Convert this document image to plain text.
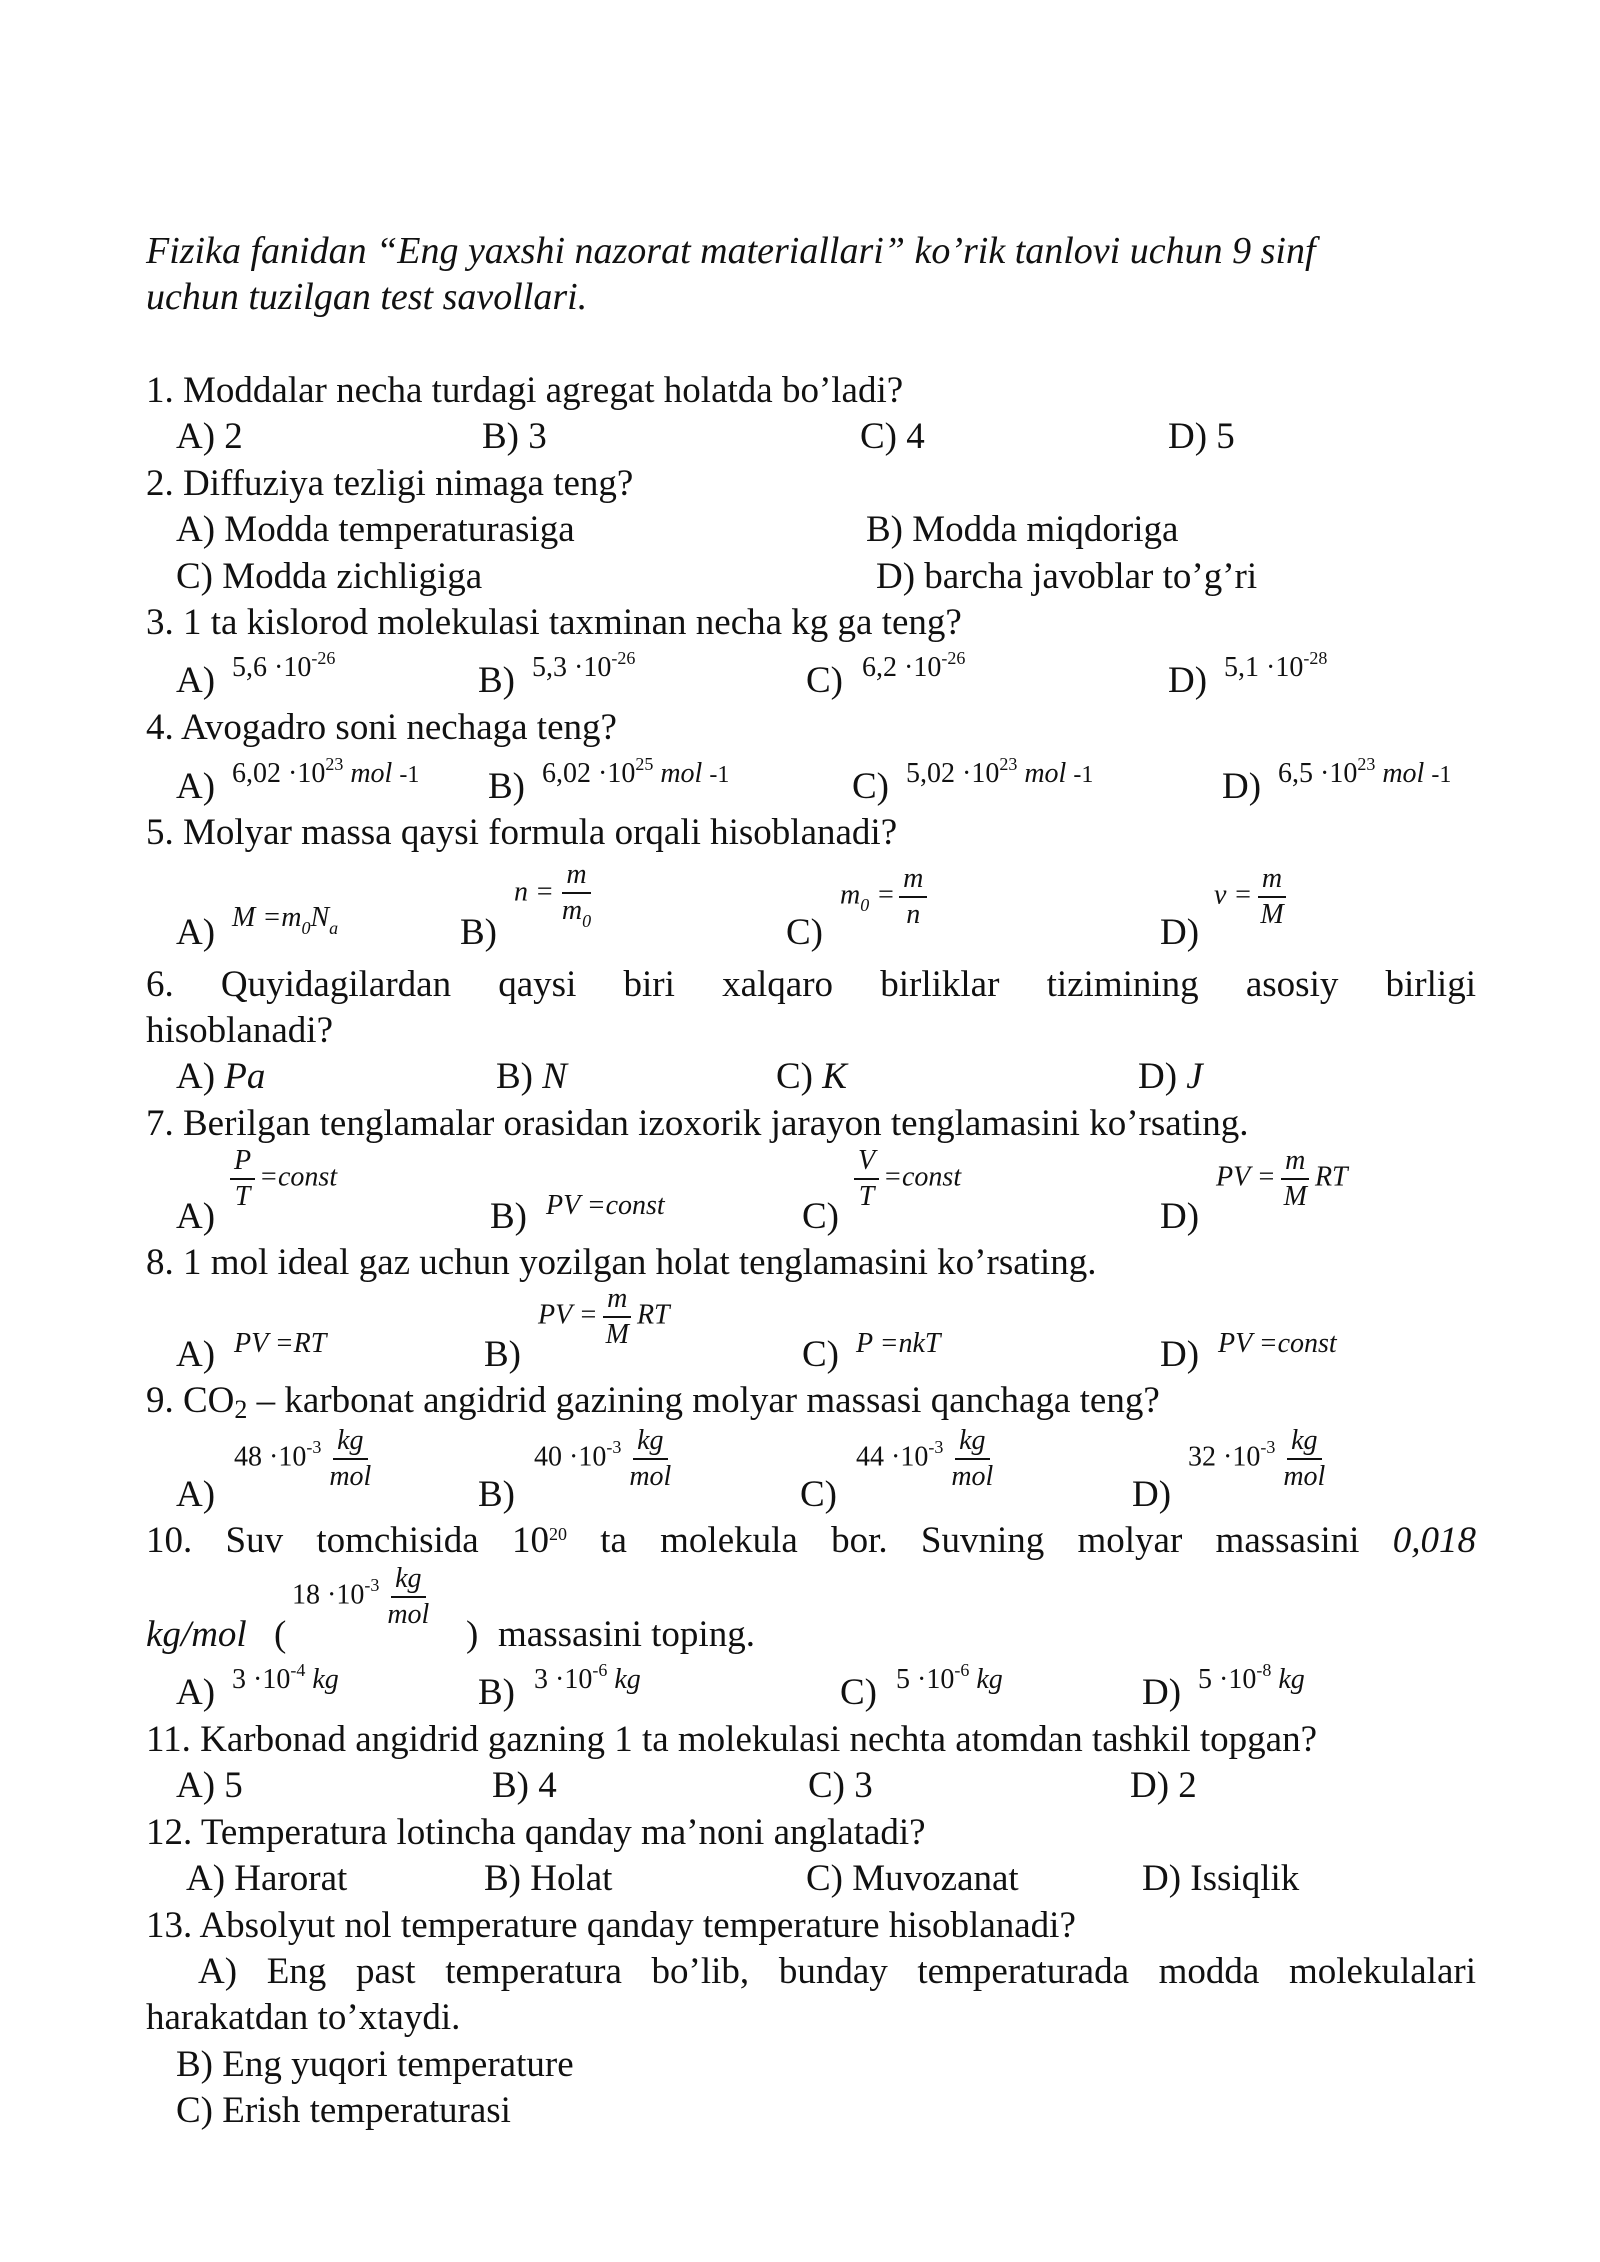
Fizika fanidan “Eng yaxshi nazorat materiallari” ko’rik tanlovi uchun 9 sinf
uchun tuzilgan test savollari.
1. Moddalar necha turdagi agregat holatda bo’ladi?
A) 2	B) 3	C) 4	D) 5
2. Diffuziya tezligi nimaga teng?
A) Modda temperaturasiga	B) Modda miqdoriga
C) Modda zichligiga	D) barcha javoblar to’g’ri
3. 1 ta kislorod molekulasi taxminan necha kg ga teng?
A) $5,6 \cdot 10^{-26}$
B) $5,3 \cdot 10^{-26}$
C) $6,2 \cdot 10^{-26}$
D) $5,1 \cdot 10^{-28}$
4. Avogadro soni nechaga teng?
A) $6,02 \cdot 10^{23}$ mol -1 B) $6,02 \cdot 10^{25}$ mol -1	C) $5,02 \cdot 10^{23}$ mol -1	D) $6,5 \cdot 10^{23}$ mol -1
5. Molyar massa qaysi formula orqali hisoblanadi?
A) $M =m_0N_a$	B)
$n = \frac{m}{m_0}$
C)
$m_0 = \frac{m}{n}$
D)
$\nu = \frac{m}{M}$
6. Quyidagilardan qaysi biri xalqaro birliklar tizimining asosiy birligi
hisoblanadi?
A) Pa	B) N	C) K	D) J
7. Berilgan tenglamalar orasidan izoxorik jarayon tenglamasini ko’rsating.
A)
$\frac{P}{T}$ =const
B) PV =const	C)
$\frac{V}{T}$ =const
D)
PV = $\frac{m}{M}$ RT
8. 1 mol ideal gaz uchun yozilgan holat tenglamasini ko’rsating.
A) PV =RT	B)
PV = $\frac{m}{M}$ RT
C) P =nkT	D) PV =const
9. CO2 – karbonat angidrid gazining molyar massasi qanchaga teng?
A)
$48 \cdot 10^{-3} \frac{kg}{\text{mol}}$
B)
$40 \cdot 10^{-3} \frac{kg}{\text{mol}}$
C)
$44 \cdot 10^{-3} \frac{kg}{\text{mol}}$
D)
$32 \cdot 10^{-3} \frac{kg}{\text{mol}}$
10. Suv tomchisida $10^{20}$ ta molekula bor. Suvning molyar massasini 0,018
kg/mol (
$18 \cdot 10^{-3} \frac{kg}{\text{mol}}$
) massasini toping.
A) $3 \cdot 10^{-4}$ kg	B) $3 \cdot 10^{-6}$ kg	C) $5 \cdot 10^{-6}$ kg	D) $5 \cdot 10^{-8}$ kg
11. Karbonad angidrid gazning 1 ta molekulasi nechta atomdan tashkil topgan?
A) 5	B) 4	C) 3	D) 2
12. Temperatura lotincha qanday ma’noni anglatadi?
A) Harorat	B) Holat	C) Muvozanat	D) Issiqlik
13. Absolyut nol temperature qanday temperature hisoblanadi?
A) Eng past temperatura bo’lib, bunday temperaturada modda molekulalari
harakatdan to’xtaydi.
B) Eng yuqori temperature
C) Erish temperaturasi
